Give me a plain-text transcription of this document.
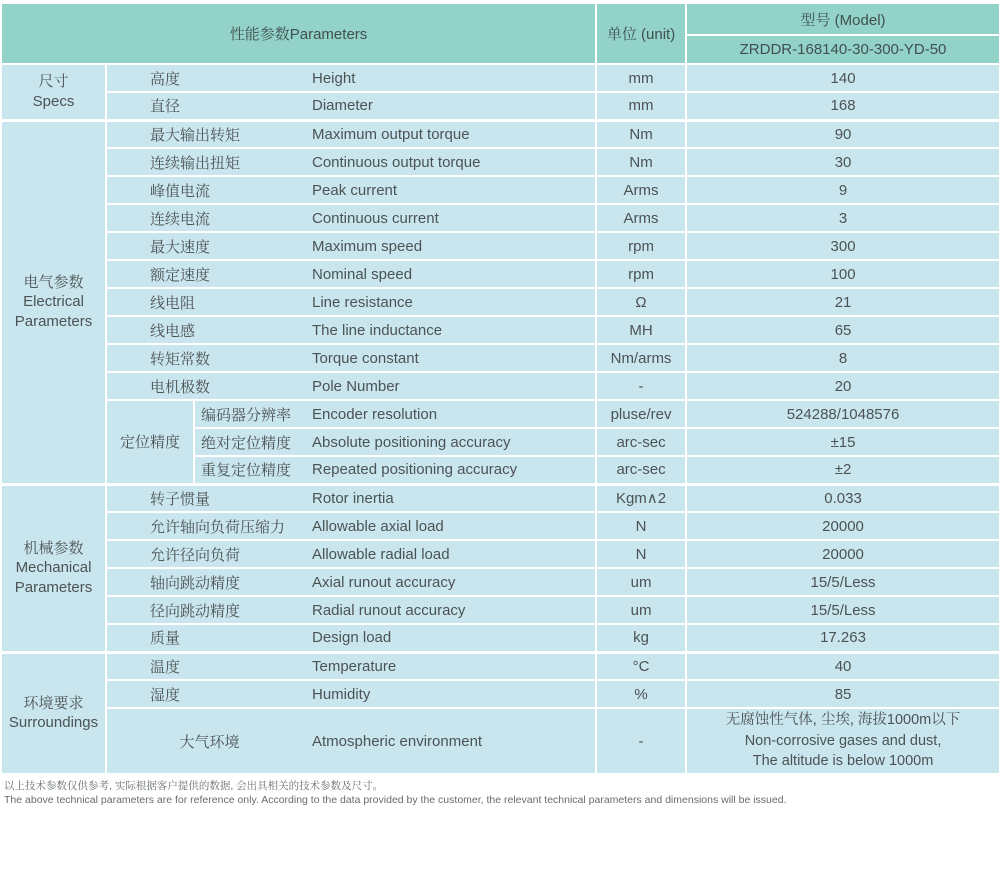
性能参数Parameters			单位 (unit)	型号 (Model)
				ZRDDR-168140-30-300-YD-50

尺寸
Specs	高度 Height		mm	140
	直径 Diameter		mm	168

电气参数
Electrical
Parameters	最大输出转矩 Maximum output torque		Nm	90
	连续输出扭矩 Continuous output torque		Nm	30
	峰值电流 Peak current		Arms	9
	连续电流 Continuous current		Arms	3
	最大速度 Maximum speed		rpm	300
	额定速度 Nominal speed		rpm	100
	线电阻 Line resistance		Ω	21
	线电感 The line inductance		MH	65
	转矩常数 Torque constant		Nm/arms	8
	电机极数 Pole Number		-	20
	定位精度	编码器分辨率 Encoder resolution	pluse/rev	524288/1048576
		绝对定位精度 Absolute positioning accuracy	arc-sec	±15
		重复定位精度 Repeated positioning accuracy	arc-sec	±2

机械参数
Mechanical
Parameters	转子惯量 Rotor inertia		Kgm∧2	0.033
	允许轴向负荷压缩力 Allowable axial load		N	20000
	允许径向负荷 Allowable radial load		N	20000
	轴向跳动精度 Axial runout accuracy		um	15/5/Less
	径向跳动精度 Radial runout accuracy		um	15/5/Less
	质量 Design load		kg	17.263

环境要求
Surroundings	温度 Temperature		°C	40
	湿度 Humidity		%	85
	大气环境 Atmospheric environment		-	无腐蚀性气体, 尘埃, 海拔1000m以下
Non-corrosive gases and dust,
The altitude is below 1000m
以上技术参数仅供参考, 实际根据客户提供的数据, 会出具相关的技术参数及尺寸。
The above technical parameters are for reference only. According to the data provided by the customer, the relevant technical parameters and dimensions will be issued.
